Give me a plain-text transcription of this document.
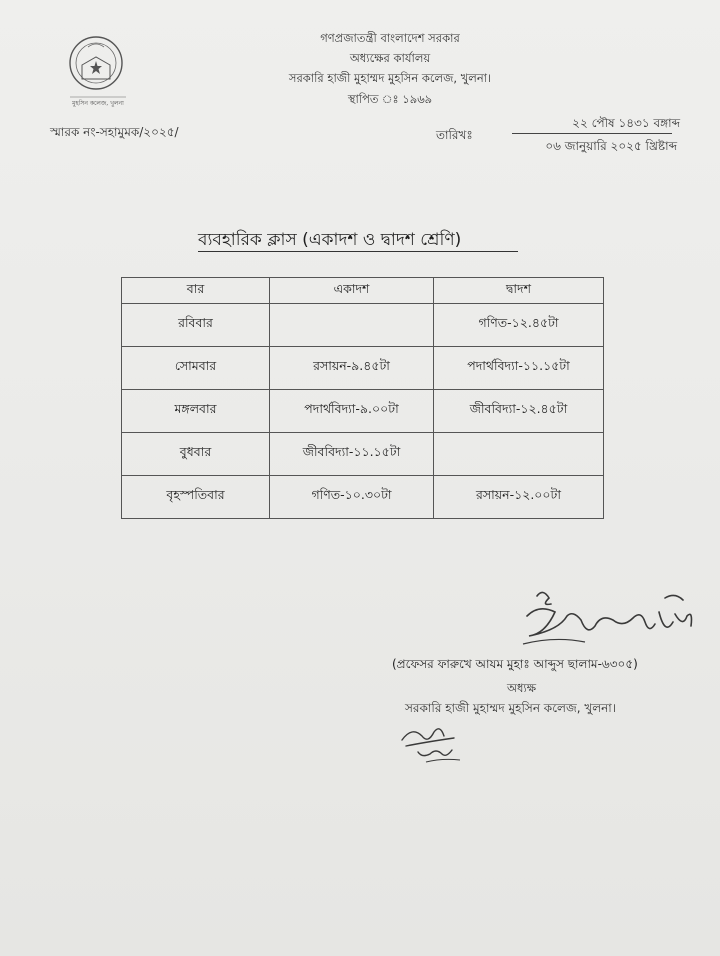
মুহসিন কলেজ, খুলনা
গণপ্রজাতন্ত্রী বাংলাদেশ সরকার
অধ্যক্ষের কার্যালয়
সরকারি হাজী মুহাম্মদ মুহসিন কলেজ, খুলনা।
স্থাপিত ঃ ১৯৬৯
স্মারক নং-সহামুমক/২০২৫/	তারিখঃ
২২ পৌষ ১৪৩১ বঙ্গাব্দ
০৬ জানুয়ারি ২০২৫ খ্রিষ্টাব্দ
ব্যবহারিক ক্লাস (একাদশ ও দ্বাদশ শ্রেণি)
বার	একাদশ	দ্বাদশ
রবিবার		গণিত-১২.৪৫টা
সোমবার	রসায়ন-৯.৪৫টা	পদার্থবিদ্যা-১১.১৫টা
মঙ্গলবার	পদার্থবিদ্যা-৯.০০টা	জীববিদ্যা-১২.৪৫টা
বুধবার	জীববিদ্যা-১১.১৫টা	
বৃহস্পতিবার	গণিত-১০.৩০টা	রসায়ন-১২.০০টা
(প্রফেসর ফারুখে আযম মুহাঃ আব্দুস ছালাম-৬৩০৫)
অধ্যক্ষ
সরকারি হাজী মুহাম্মদ মুহসিন কলেজ, খুলনা।
